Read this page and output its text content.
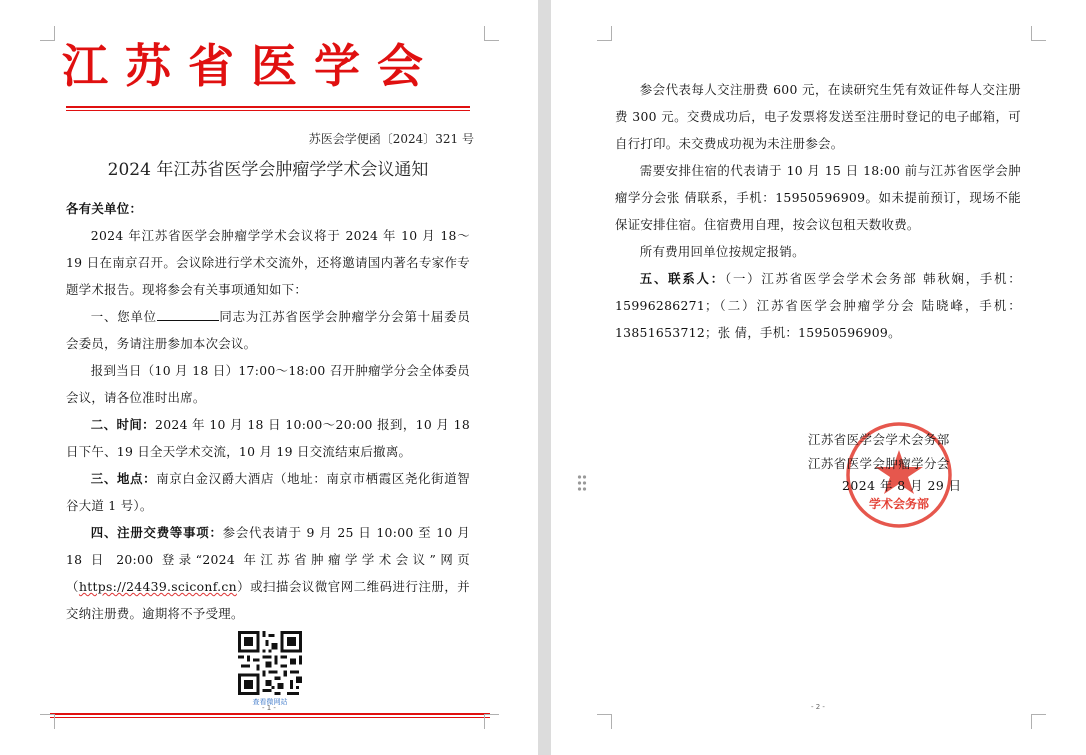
江苏省医学会
苏医会学便函〔2024〕321 号
2024 年江苏省医学会肿瘤学学术会议通知

各有关单位：

2024 年江苏省医学会肿瘤学学术会议将于 2024 年 10 月 18～19 日在南京召开。会议除进行学术交流外，还将邀请国内著名专家作专题学术报告。现将参会有关事项通知如下：

一、您单位	同志为江苏省医学会肿瘤学分会第十届委员会委员，务请注册参加本次会议。

报到当日（10 月 18 日）17:00～18:00 召开肿瘤学分会全体委员会议，请各位准时出席。

二、时间：2024 年 10 月 18 日 10:00～20:00 报到，10 月 18 日下午、19 日全天学术交流，10 月 19 日交流结束后撤离。

三、地点：南京白金汉爵大酒店（地址：南京市栖霞区尧化街道智谷大道 1 号）。

四、注册交费等事项：参会代表请于 9 月 25 日 10:00 至 10 月 18 日 20:00 登录“2024 年江苏省肿瘤学学术会议”网页（https://24439.sciconf.cn）或扫描会议微官网二维码进行注册，并交纳注册费。逾期将不予受理。

查看微网站
- 1 -	- 2 -

参会代表每人交注册费 600 元，在读研究生凭有效证件每人交注册费 300 元。交费成功后，电子发票将发送至注册时登记的电子邮箱，可自行打印。未交费成功视为未注册参会。

需要安排住宿的代表请于 10 月 15 日 18:00 前与江苏省医学会肿瘤学分会张 倩联系，手机：15950596909。如未提前预订，现场不能保证安排住宿。住宿费用自理，按会议包租天数收费。

所有费用回单位按规定报销。

五、联系人：（一）江苏省医学会学术会务部 韩秋娴，手机：15996286271；（二）江苏省医学会肿瘤学分会 陆晓峰，手机：13851653712；张 倩，手机：15950596909。

学术会务部
江苏省医学会学术会务部
江苏省医学会肿瘤学分会
2024 年 8 月 29 日
